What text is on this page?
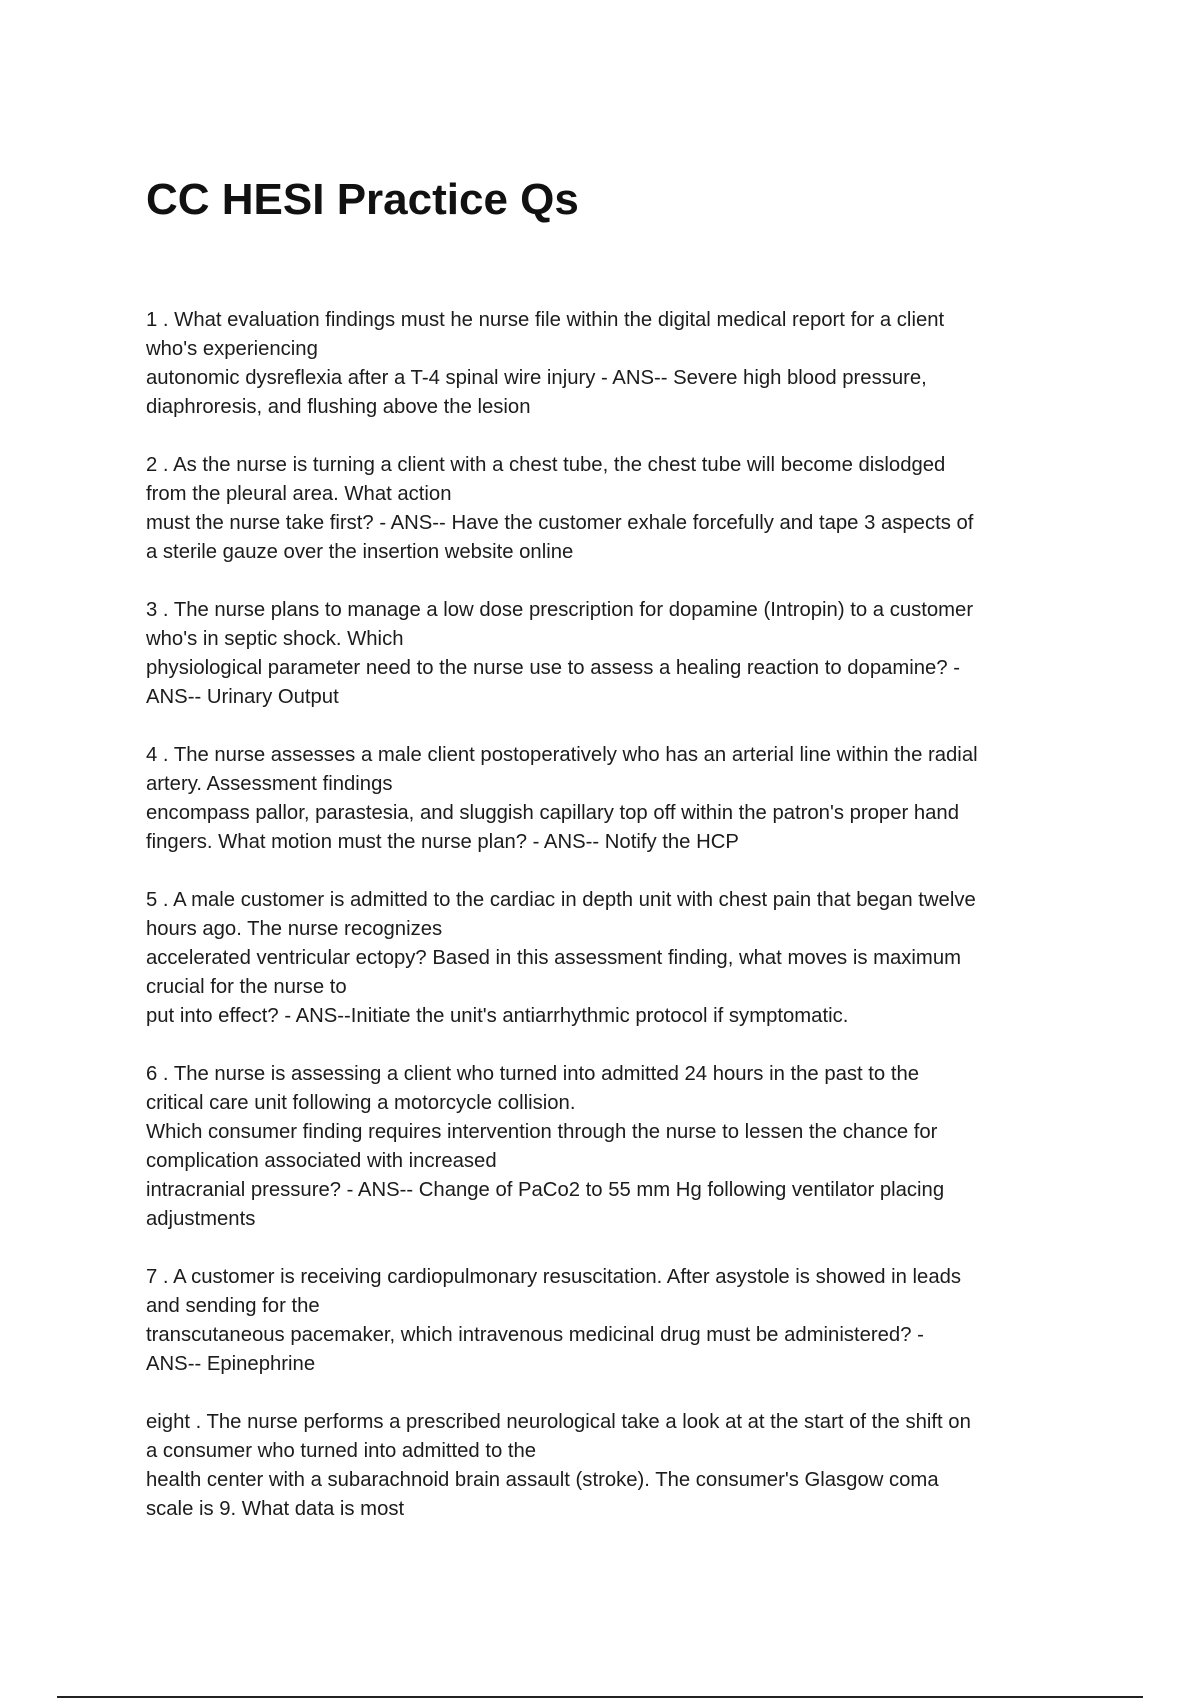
CC HESI Practice Qs
1 . What evaluation findings must he nurse file within the digital medical report for a client
who's experiencing
autonomic dysreflexia after a T-4 spinal wire injury - ANS-- Severe high blood pressure,
diaphroresis, and flushing above the lesion
2 . As the nurse is turning a client with a chest tube, the chest tube will become dislodged
from the pleural area. What action
must the nurse take first? - ANS-- Have the customer exhale forcefully and tape 3 aspects of
a sterile gauze over the insertion website online
3 . The nurse plans to manage a low dose prescription for dopamine (Intropin) to a customer
who's in septic shock. Which
physiological parameter need to the nurse use to assess a healing reaction to dopamine? -
ANS-- Urinary Output
4 . The nurse assesses a male client postoperatively who has an arterial line within the radial
artery. Assessment findings
encompass pallor, parastesia, and sluggish capillary top off within the patron's proper hand
fingers. What motion must the nurse plan? - ANS-- Notify the HCP
5 . A male customer is admitted to the cardiac in depth unit with chest pain that began twelve
hours ago. The nurse recognizes
accelerated ventricular ectopy? Based in this assessment finding, what moves is maximum
crucial for the nurse to
put into effect? - ANS--Initiate the unit's antiarrhythmic protocol if symptomatic.
6 . The nurse is assessing a client who turned into admitted 24 hours in the past to the
critical care unit following a motorcycle collision.
Which consumer finding requires intervention through the nurse to lessen the chance for
complication associated with increased
intracranial pressure? - ANS-- Change of PaCo2 to 55 mm Hg following ventilator placing
adjustments
7 . A customer is receiving cardiopulmonary resuscitation. After asystole is showed in leads
and sending for the
transcutaneous pacemaker, which intravenous medicinal drug must be administered? -
ANS-- Epinephrine
eight . The nurse performs a prescribed neurological take a look at at the start of the shift on
a consumer who turned into admitted to the
health center with a subarachnoid brain assault (stroke). The consumer's Glasgow coma
scale is 9. What data is most
